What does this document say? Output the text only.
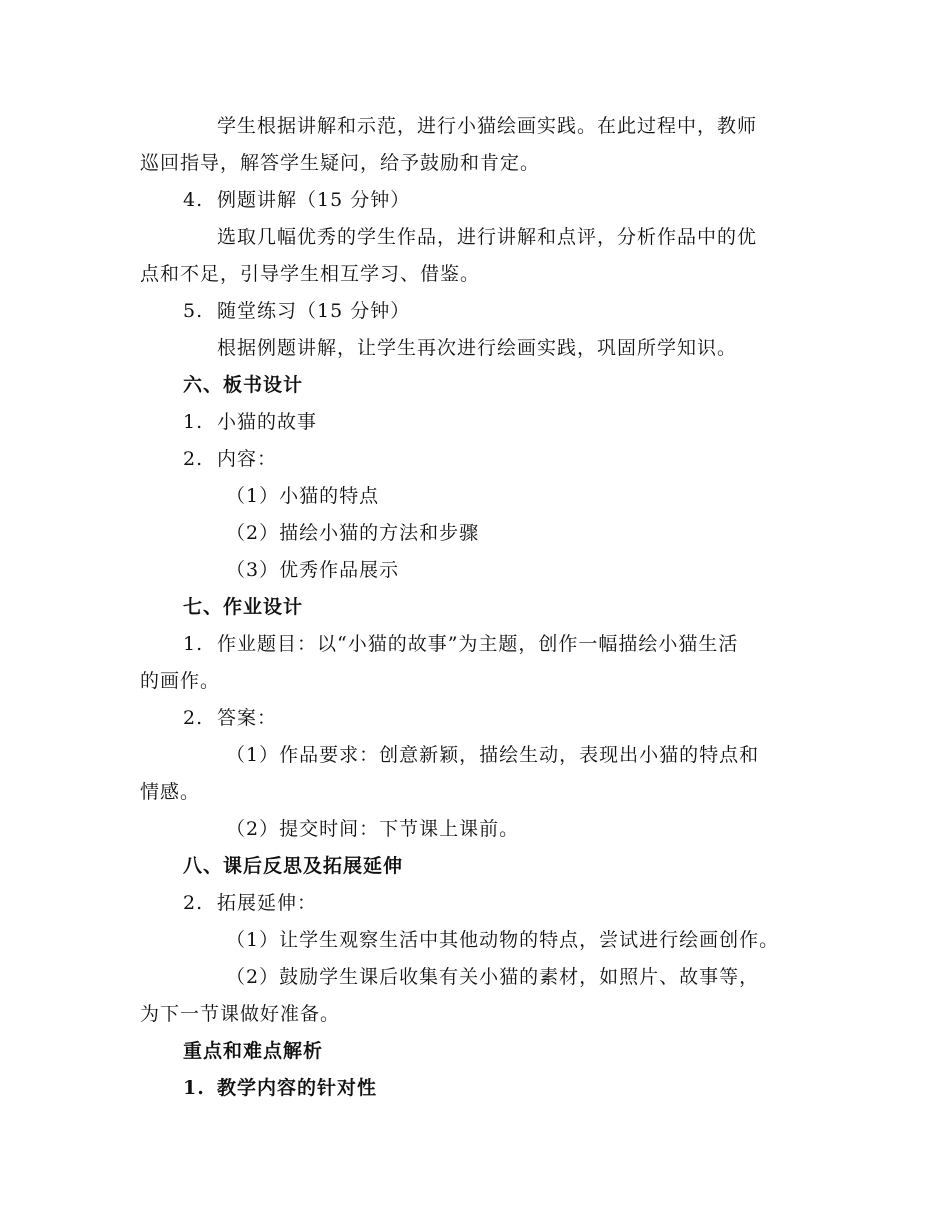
学生根据讲解和示范，进行小猫绘画实践。在此过程中，教师
巡回指导，解答学生疑问，给予鼓励和肯定。
4. 例题讲解（15 分钟）
选取几幅优秀的学生作品，进行讲解和点评，分析作品中的优
点和不足，引导学生相互学习、借鉴。
5. 随堂练习（15 分钟）
根据例题讲解，让学生再次进行绘画实践，巩固所学知识。
六、板书设计
1. 小猫的故事
2. 内容：
（1）小猫的特点
（2）描绘小猫的方法和步骤
（3）优秀作品展示
七、作业设计
1. 作业题目：以“小猫的故事”为主题，创作一幅描绘小猫生活
的画作。
2. 答案：
（1）作品要求：创意新颖，描绘生动，表现出小猫的特点和
情感。
（2）提交时间：下节课上课前。
八、课后反思及拓展延伸
2. 拓展延伸：
（1）让学生观察生活中其他动物的特点，尝试进行绘画创作。
（2）鼓励学生课后收集有关小猫的素材，如照片、故事等，
为下一节课做好准备。
重点和难点解析
1. 教学内容的针对性
